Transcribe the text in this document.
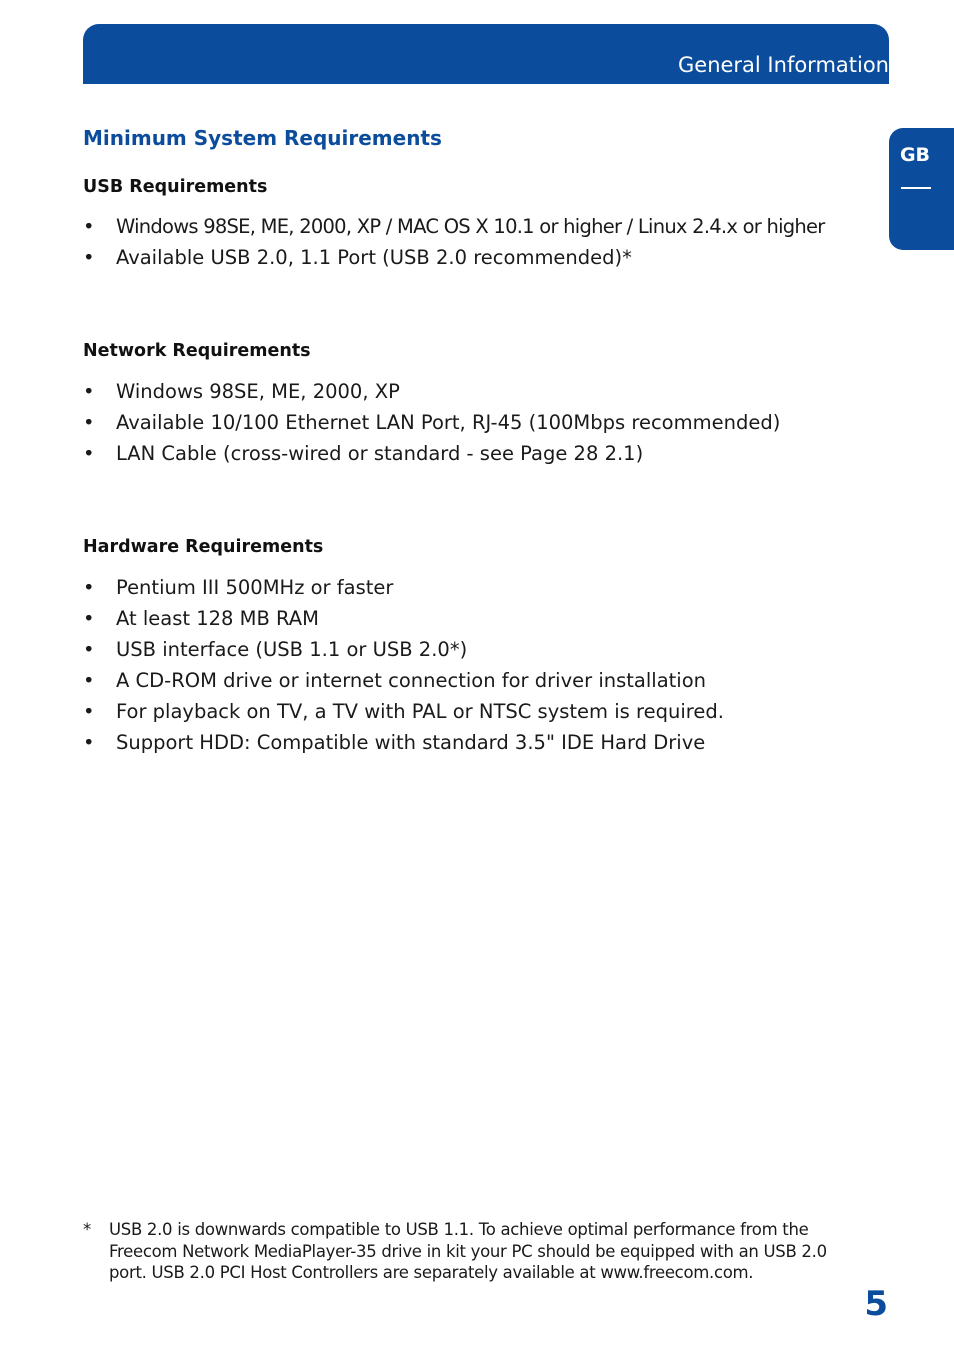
General Information
GB
Minimum System Requirements
USB Requirements
• Windows 98SE, ME, 2000, XP / MAC OS X 10.1 or higher / Linux 2.4.x or higher
• Available USB 2.0, 1.1 Port (USB 2.0 recommended)*
Network Requirements
• Windows 98SE, ME, 2000, XP
• Available 10/100 Ethernet LAN Port, RJ-45 (100Mbps recommended)
• LAN Cable (cross-wired or standard - see Page 28 2.1)
Hardware Requirements
• Pentium III 500MHz or faster
• At least 128 MB RAM
• USB interface (USB 1.1 or USB 2.0*)
• A CD-ROM drive or internet connection for driver installation
• For playback on TV, a TV with PAL or NTSC system is required.
• Support HDD: Compatible with standard 3.5" IDE Hard Drive
* USB 2.0 is downwards compatible to USB 1.1. To achieve optimal performance from the Freecom Network MediaPlayer-35 drive in kit your PC should be equipped with an USB 2.0 port. USB 2.0 PCI Host Controllers are separately available at www.freecom.com.
5
